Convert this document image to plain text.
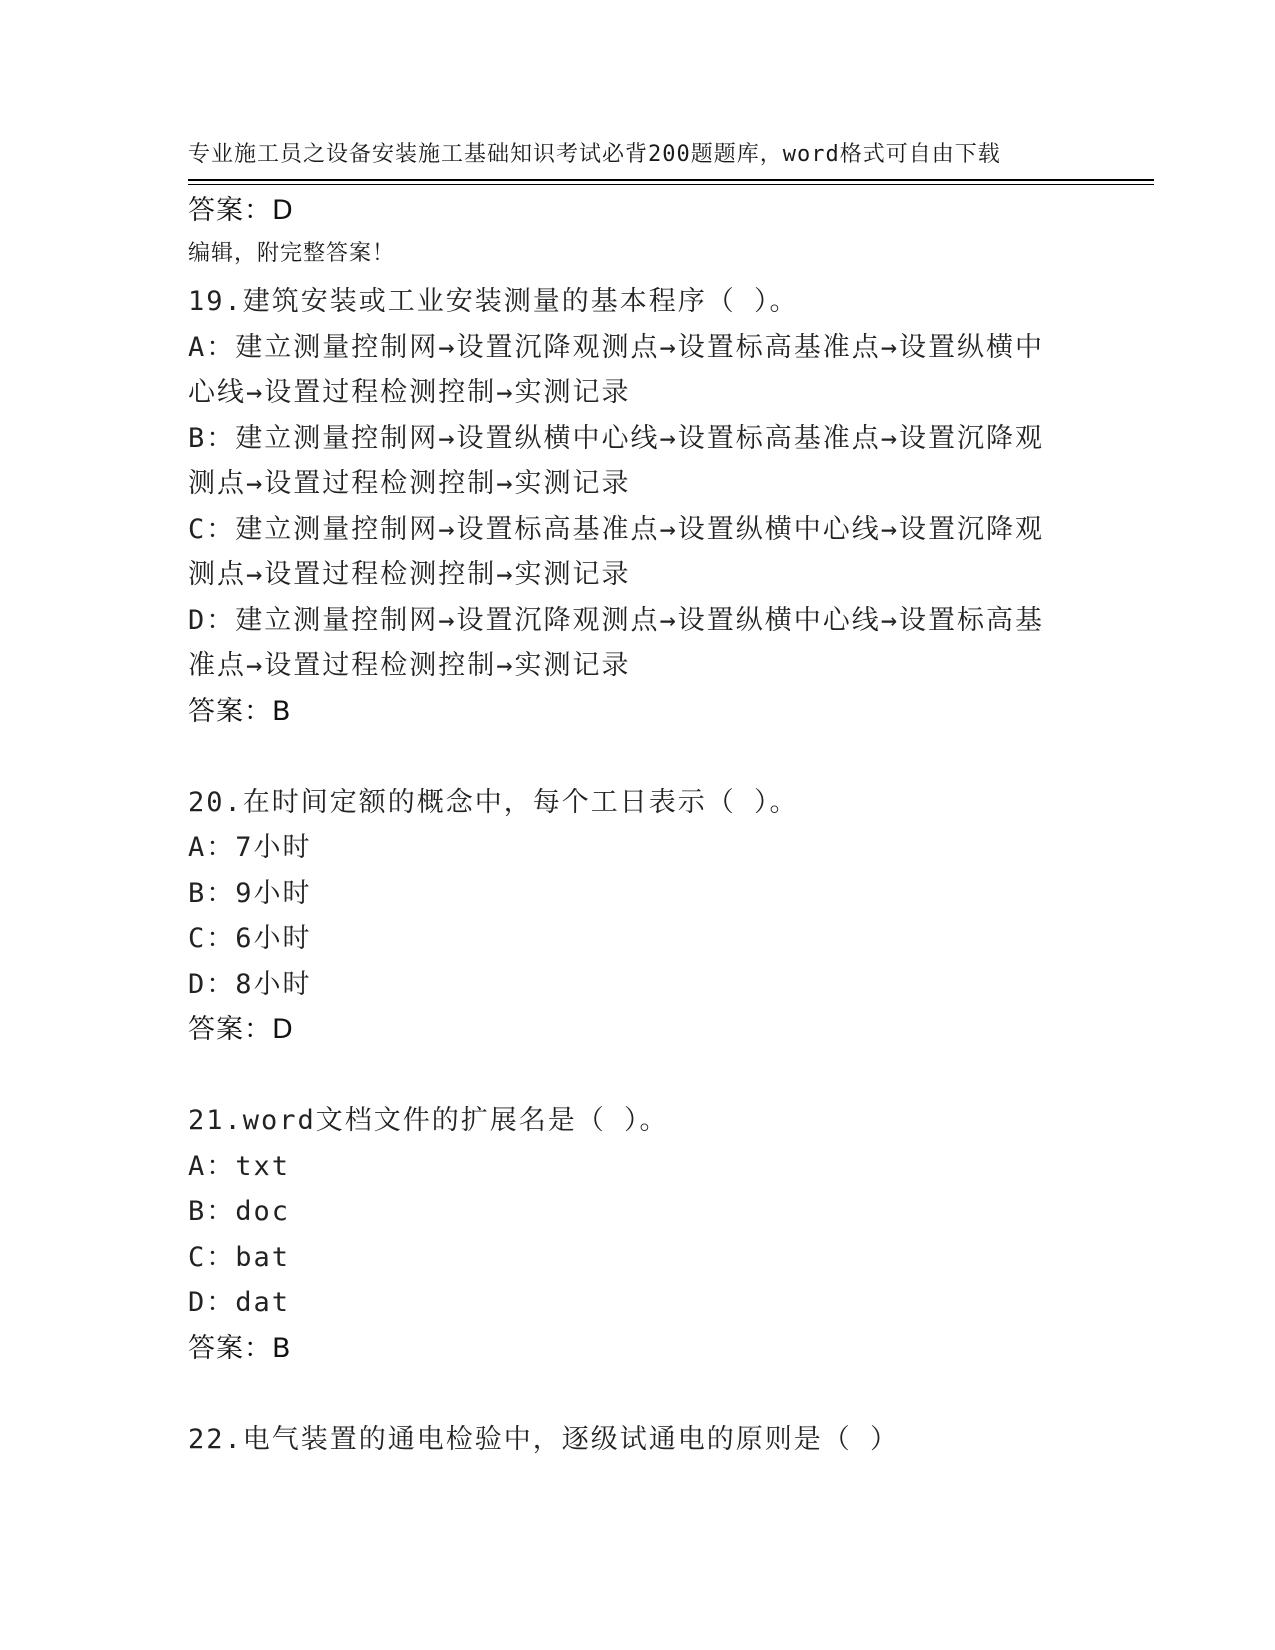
专业施工员之设备安装施工基础知识考试必背200题题库，word格式可自由下载

编辑，附完整答案！

答案：D
19.建筑安装或工业安装测量的基本程序（ ）。
A：建立测量控制网→设置沉降观测点→设置标高基准点→设置纵横中
心线→设置过程检测控制→实测记录
B：建立测量控制网→设置纵横中心线→设置标高基准点→设置沉降观
测点→设置过程检测控制→实测记录
C：建立测量控制网→设置标高基准点→设置纵横中心线→设置沉降观
测点→设置过程检测控制→实测记录
D：建立测量控制网→设置沉降观测点→设置纵横中心线→设置标高基
准点→设置过程检测控制→实测记录
答案：B
20.在时间定额的概念中，每个工日表示（ ）。
A：7小时
B：9小时
C：6小时
D：8小时
答案：D
21.word文档文件的扩展名是（ ）。
A：txt
B：doc
C：bat
D：dat
答案：B
22.电气装置的通电检验中，逐级试通电的原则是（ ）
